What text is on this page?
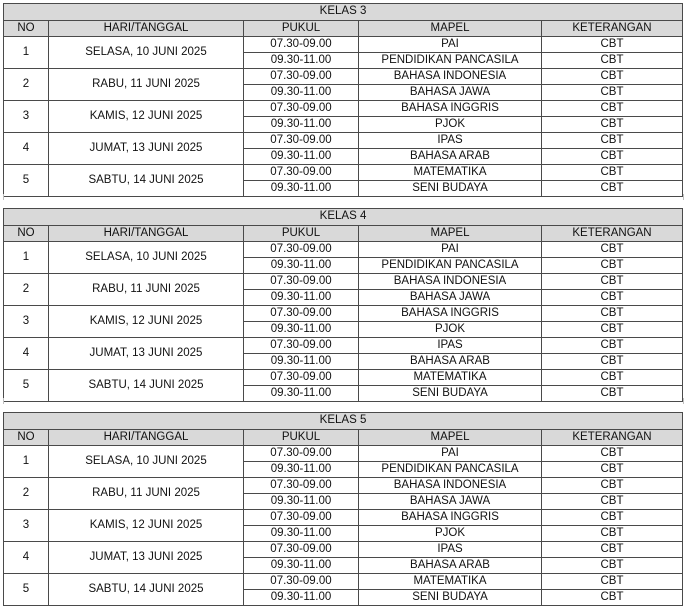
KELAS 3				
NO	HARI/TANGGAL	PUKUL	MAPEL	KETERANGAN
1	SELASA, 10 JUNI 2025	07.30-09.00	PAI	CBT
		09.30-11.00	PENDIDIKAN PANCASILA	CBT
2	RABU, 11 JUNI 2025	07.30-09.00	BAHASA INDONESIA	CBT
		09.30-11.00	BAHASA JAWA	CBT
3	KAMIS, 12 JUNI 2025	07.30-09.00	BAHASA INGGRIS	CBT
		09.30-11.00	PJOK	CBT
4	JUMAT, 13 JUNI 2025	07.30-09.00	IPAS	CBT
		09.30-11.00	BAHASA ARAB	CBT
5	SABTU, 14 JUNI 2025	07.30-09.00	MATEMATIKA	CBT
		09.30-11.00	SENI BUDAYA	CBT
KELAS 4				
NO	HARI/TANGGAL	PUKUL	MAPEL	KETERANGAN
1	SELASA, 10 JUNI 2025	07.30-09.00	PAI	CBT
		09.30-11.00	PENDIDIKAN PANCASILA	CBT
2	RABU, 11 JUNI 2025	07.30-09.00	BAHASA INDONESIA	CBT
		09.30-11.00	BAHASA JAWA	CBT
3	KAMIS, 12 JUNI 2025	07.30-09.00	BAHASA INGGRIS	CBT
		09.30-11.00	PJOK	CBT
4	JUMAT, 13 JUNI 2025	07.30-09.00	IPAS	CBT
		09.30-11.00	BAHASA ARAB	CBT
5	SABTU, 14 JUNI 2025	07.30-09.00	MATEMATIKA	CBT
		09.30-11.00	SENI BUDAYA	CBT
KELAS 5				
NO	HARI/TANGGAL	PUKUL	MAPEL	KETERANGAN
1	SELASA, 10 JUNI 2025	07.30-09.00	PAI	CBT
		09.30-11.00	PENDIDIKAN PANCASILA	CBT
2	RABU, 11 JUNI 2025	07.30-09.00	BAHASA INDONESIA	CBT
		09.30-11.00	BAHASA JAWA	CBT
3	KAMIS, 12 JUNI 2025	07.30-09.00	BAHASA INGGRIS	CBT
		09.30-11.00	PJOK	CBT
4	JUMAT, 13 JUNI 2025	07.30-09.00	IPAS	CBT
		09.30-11.00	BAHASA ARAB	CBT
5	SABTU, 14 JUNI 2025	07.30-09.00	MATEMATIKA	CBT
		09.30-11.00	SENI BUDAYA	CBT
